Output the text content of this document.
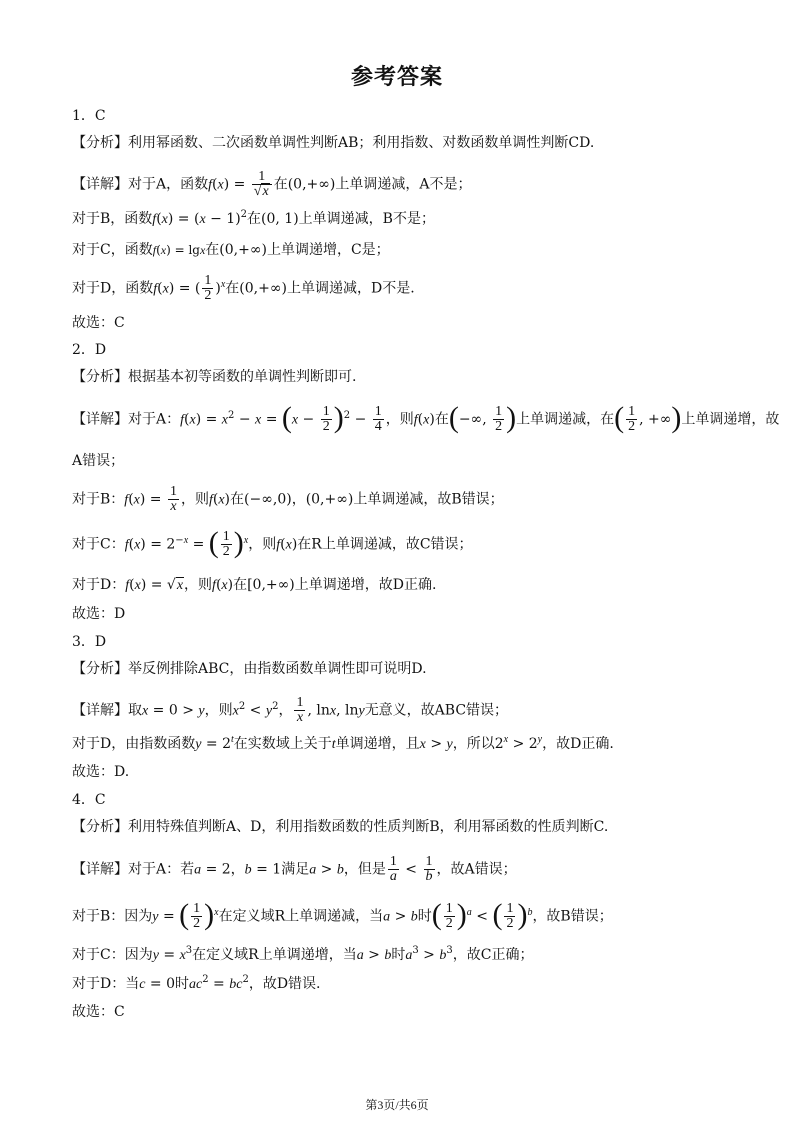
参考答案
1．C
【分析】利用幂函数、二次函数单调性判断AB；利用指数、对数函数单调性判断CD.
【详解】对于A，函数$f(x) = \frac{1}{√x}$ 在(0,+∞)上单调递减，A不是；
对于B，函数$f(x) = (x - 1)^2$在(0, 1)上单调递减，B不是；
对于C，函数f(x) = lgx在(0,+∞)上单调递增，C是；
对于D，函数f(x) = ( $\frac{1}{2} )^x$在(0,+∞)上单调递减，D不是.
故选：C
2．D
【分析】根据基本初等函数的单调性判断即可.
【详解】对于A：$f(x) = x^2 - x = (x - \frac{1}{2} )^2 - \frac{1}{4}$ ，则f(x)在(−∞, $\frac{1}{2}$ )上单调递减，在( $\frac{1}{2}$ , +∞)上单调递增，故
A错误；
对于B：$f(x) = \frac{1}{x}$ ，则f(x)在(−∞,0)，(0,+∞)上单调递减，故B错误；
对于C：$f(x) = 2^{-x}$ = ( $\frac{1}{2} )^x$，则f(x)在R上单调递减，故C错误；
对于D：f(x) = √x，则f(x)在[0,+∞)上单调递增，故D正确.
故选：D
3．D
【分析】举反例排除ABC，由指数函数单调性即可说明D.
【详解】取x = 0 > y，则$x^2 < y^2$， $\frac{1}{x}$ , lnx, lny无意义，故ABC错误；
对于D，由指数函数$y = 2^t$在实数域上关于t单调递增，且x > y，所以$2^x > 2^y$，故D正确.
故选：D.
4．C
【分析】利用特殊值判断A、D，利用指数函数的性质判断B，利用幂函数的性质判断C.
【详解】对于A：若a = 2，b = 1满足a > b，但是 $\frac{1}{a} < \frac{1}{b}$ ，故A错误；
对于B：因为y = ( $\frac{1}{2} )^x$在定义域R上单调递减，当a > b时( $\frac{1}{2} )^a$ < ( $\frac{1}{2} )^b$，故B错误；
对于C：因为$y = x^3$在定义域R上单调递增，当a > b时$a^3 > b^3$，故C正确；
对于D：当c = 0时$ac^2 = bc^2$，故D错误.
故选：C
第3页/共6页
